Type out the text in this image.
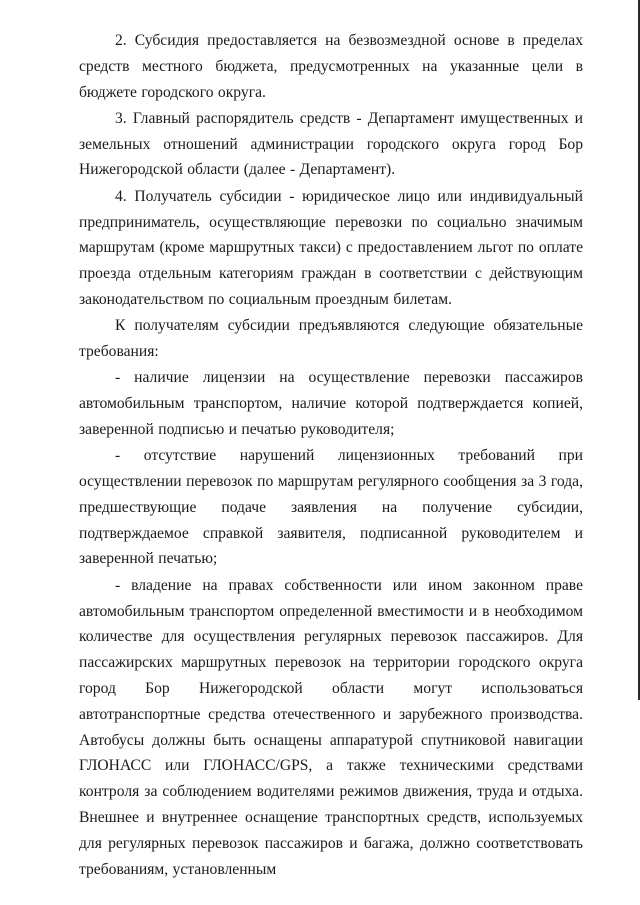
2. Субсидия предоставляется на безвозмездной основе в пределах средств местного бюджета, предусмотренных на указанные цели в бюджете городского округа.

3. Главный распорядитель средств - Департамент имущественных и земельных отношений администрации городского округа город Бор Нижегородской области (далее - Департамент).

4. Получатель субсидии - юридическое лицо или индивидуальный предприниматель, осуществляющие перевозки по социально значимым маршрутам (кроме маршрутных такси) с предоставлением льгот по оплате проезда отдельным категориям граждан в соответствии с действующим законодательством по социальным проездным билетам.

К получателям субсидии предъявляются следующие обязательные требования:

- наличие лицензии на осуществление перевозки пассажиров автомобильным транспортом, наличие которой подтверждается копией, заверенной подписью и печатью руководителя;

- отсутствие нарушений лицензионных требований при осуществлении перевозок по маршрутам регулярного сообщения за 3 года, предшествующие подаче заявления на получение субсидии, подтверждаемое справкой заявителя, подписанной руководителем и заверенной печатью;

- владение на правах собственности или ином законном праве автомобильным транспортом определенной вместимости и в необходимом количестве для осуществления регулярных перевозок пассажиров. Для пассажирских маршрутных перевозок на территории городского округа город Бор Нижегородской области могут использоваться автотранспортные средства отечественного и зарубежного производства. Автобусы должны быть оснащены аппаратурой спутниковой навигации ГЛОНАСС или ГЛОНАСС/GPS, а также техническими средствами контроля за соблюдением водителями режимов движения, труда и отдыха. Внешнее и внутреннее оснащение транспортных средств, используемых для регулярных перевозок пассажиров и багажа, должно соответствовать требованиям, установленным
